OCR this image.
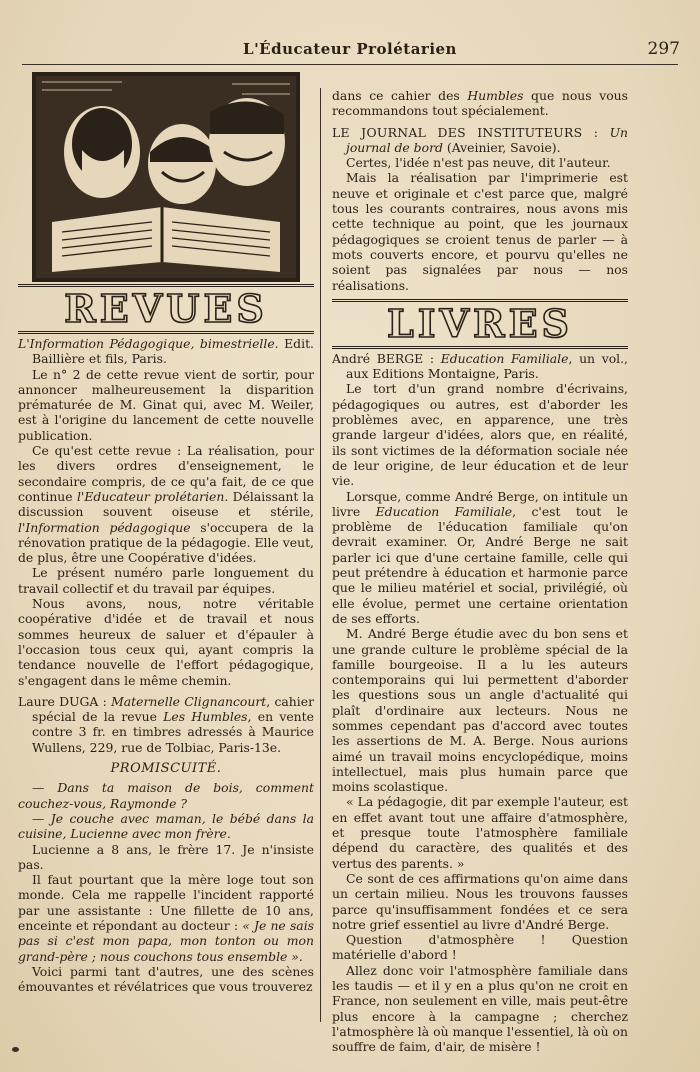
L'Éducateur Prolétarien	297
REVUES

L'Information Pédagogique, bimestrielle. Edit. Baillière et fils, Paris.

Le n° 2 de cette revue vient de sortir, pour annoncer malheureusement la disparition prématurée de M. Ginat qui, avec M. Weiler, est à l'origine du lancement de cette nouvelle publication.

Ce qu'est cette revue : La réalisation, pour les divers ordres d'enseignement, le secondaire compris, de ce qu'a fait, de ce que continue l'Educateur prolétarien. Délaissant la discussion souvent oiseuse et stérile, l'Information pédagogique s'occupera de la rénovation pratique de la pédagogie. Elle veut, de plus, être une Coopérative d'idées.

Le présent numéro parle longuement du travail collectif et du travail par équipes.

Nous avons, nous, notre véritable coopérative d'idée et de travail et nous sommes heureux de saluer et d'épauler à l'occasion tous ceux qui, ayant compris la tendance nouvelle de l'effort pédagogique, s'engagent dans le même chemin.

Laure DUGA : Maternelle Clignancourt, cahier spécial de la revue Les Humbles, en vente contre 3 fr. en timbres adressés à Maurice Wullens, 229, rue de Tolbiac, Paris-13e.

PROMISCUITÉ.

— Dans ta maison de bois, comment couchez-vous, Raymonde ?

— Je couche avec maman, le bébé dans la cuisine, Lucienne avec mon frère.

Lucienne a 8 ans, le frère 17. Je n'insiste pas.

Il faut pourtant que la mère loge tout son monde. Cela me rappelle l'incident rapporté par une assistante : Une fillette de 10 ans, enceinte et répondant au docteur : « Je ne sais pas si c'est mon papa, mon tonton ou mon grand-père ; nous couchons tous ensemble ».

Voici parmi tant d'autres, une des scènes émouvantes et révélatrices que vous trouverez

dans ce cahier des Humbles que nous vous recommandons tout spécialement.

LE JOURNAL DES INSTITUTEURS : Un journal de bord (Aveinier, Savoie).

Certes, l'idée n'est pas neuve, dit l'auteur.

Mais la réalisation par l'imprimerie est neuve et originale et c'est parce que, malgré tous les courants contraires, nous avons mis cette technique au point, que les journaux pédagogiques se croient tenus de parler — à mots couverts encore, et pourvu qu'elles ne soient pas signalées par nous — nos réalisations.

LIVRES

André BERGE : Education Familiale, un vol., aux Editions Montaigne, Paris.

Le tort d'un grand nombre d'écrivains, pédagogiques ou autres, est d'aborder les problèmes avec, en apparence, une très grande largeur d'idées, alors que, en réalité, ils sont victimes de la déformation sociale née de leur origine, de leur éducation et de leur vie.

Lorsque, comme André Berge, on intitule un livre Education Familiale, c'est tout le problème de l'éducation familiale qu'on devrait examiner. Or, André Berge ne sait parler ici que d'une certaine famille, celle qui peut prétendre à éducation et harmonie parce que le milieu matériel et social, privilégié, où elle évolue, permet une certaine orientation de ses efforts.

M. André Berge étudie avec du bon sens et une grande culture le problème spécial de la famille bourgeoise. Il a lu les auteurs contemporains qui lui permettent d'aborder les questions sous un angle d'actualité qui plaît d'ordinaire aux lecteurs. Nous ne sommes cependant pas d'accord avec toutes les assertions de M. A. Berge. Nous aurions aimé un travail moins encyclopédique, moins intellectuel, mais plus humain parce que moins scolastique.

« La pédagogie, dit par exemple l'auteur, est en effet avant tout une affaire d'atmosphère, et presque toute l'atmosphère familiale dépend du caractère, des qualités et des vertus des parents. »

Ce sont de ces affirmations qu'on aime dans un certain milieu. Nous les trouvons fausses parce qu'insuffisamment fondées et ce sera notre grief essentiel au livre d'André Berge.

Question d'atmosphère ! Question matérielle d'abord !

Allez donc voir l'atmosphère familiale dans les taudis — et il y en a plus qu'on ne croit en France, non seulement en ville, mais peut-être plus encore à la campagne ; cherchez l'atmosphère là où manque l'essentiel, là où on souffre de faim, d'air, de misère !
